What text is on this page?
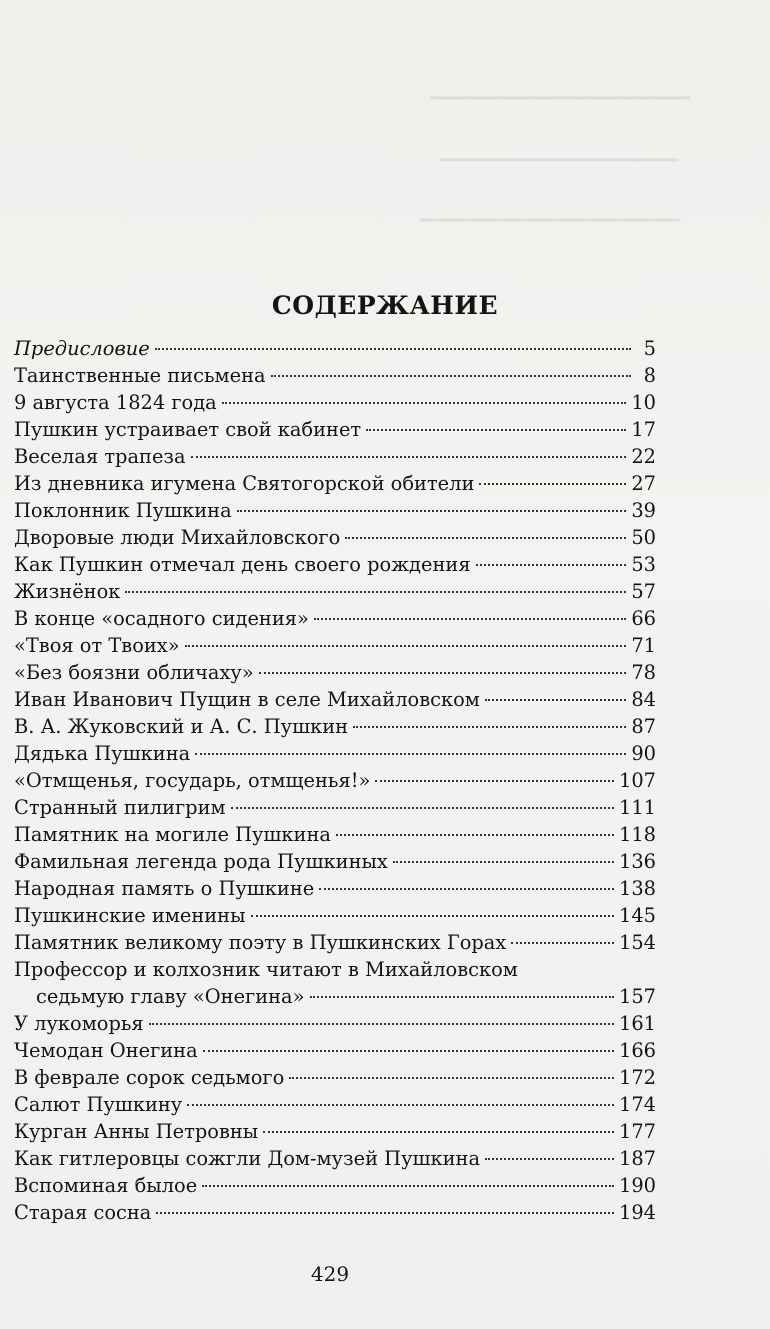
━━━━━━━━━━━━━━━━━━━━━━━━
━━━━━━━━━━━━━━━━━━━━━━
━━━━━━━━━━━━━━━━━━━━━━━━
СОДЕРЖАНИЕ
Предисловие	5
Таинственные письмена	8
9 августа 1824 года	10
Пушкин устраивает свой кабинет	17
Веселая трапеза	22
Из дневника игумена Святогорской обители	27
Поклонник Пушкина	39
Дворовые люди Михайловского	50
Как Пушкин отмечал день своего рождения	53
Жизнёнок	57
В конце «осадного сидения»	66
«Твоя от Твоих»	71
«Без боязни обличаху»	78
Иван Иванович Пущин в селе Михайловском	84
В. А. Жуковский и А. С. Пушкин	87
Дядька Пушкина	90
«Отмщенья, государь, отмщенья!»	107
Странный пилигрим	111
Памятник на могиле Пушкина	118
Фамильная легенда рода Пушкиных	136
Народная память о Пушкине	138
Пушкинские именины	145
Памятник великому поэту в Пушкинских Горах	154
Профессор и колхозник читают в Михайловском
седьмую главу «Онегина»	157
У лукоморья	161
Чемодан Онегина	166
В феврале сорок седьмого	172
Салют Пушкину	174
Курган Анны Петровны	177
Как гитлеровцы сожгли Дом-музей Пушкина	187
Вспоминая былое	190
Старая сосна	194
429
